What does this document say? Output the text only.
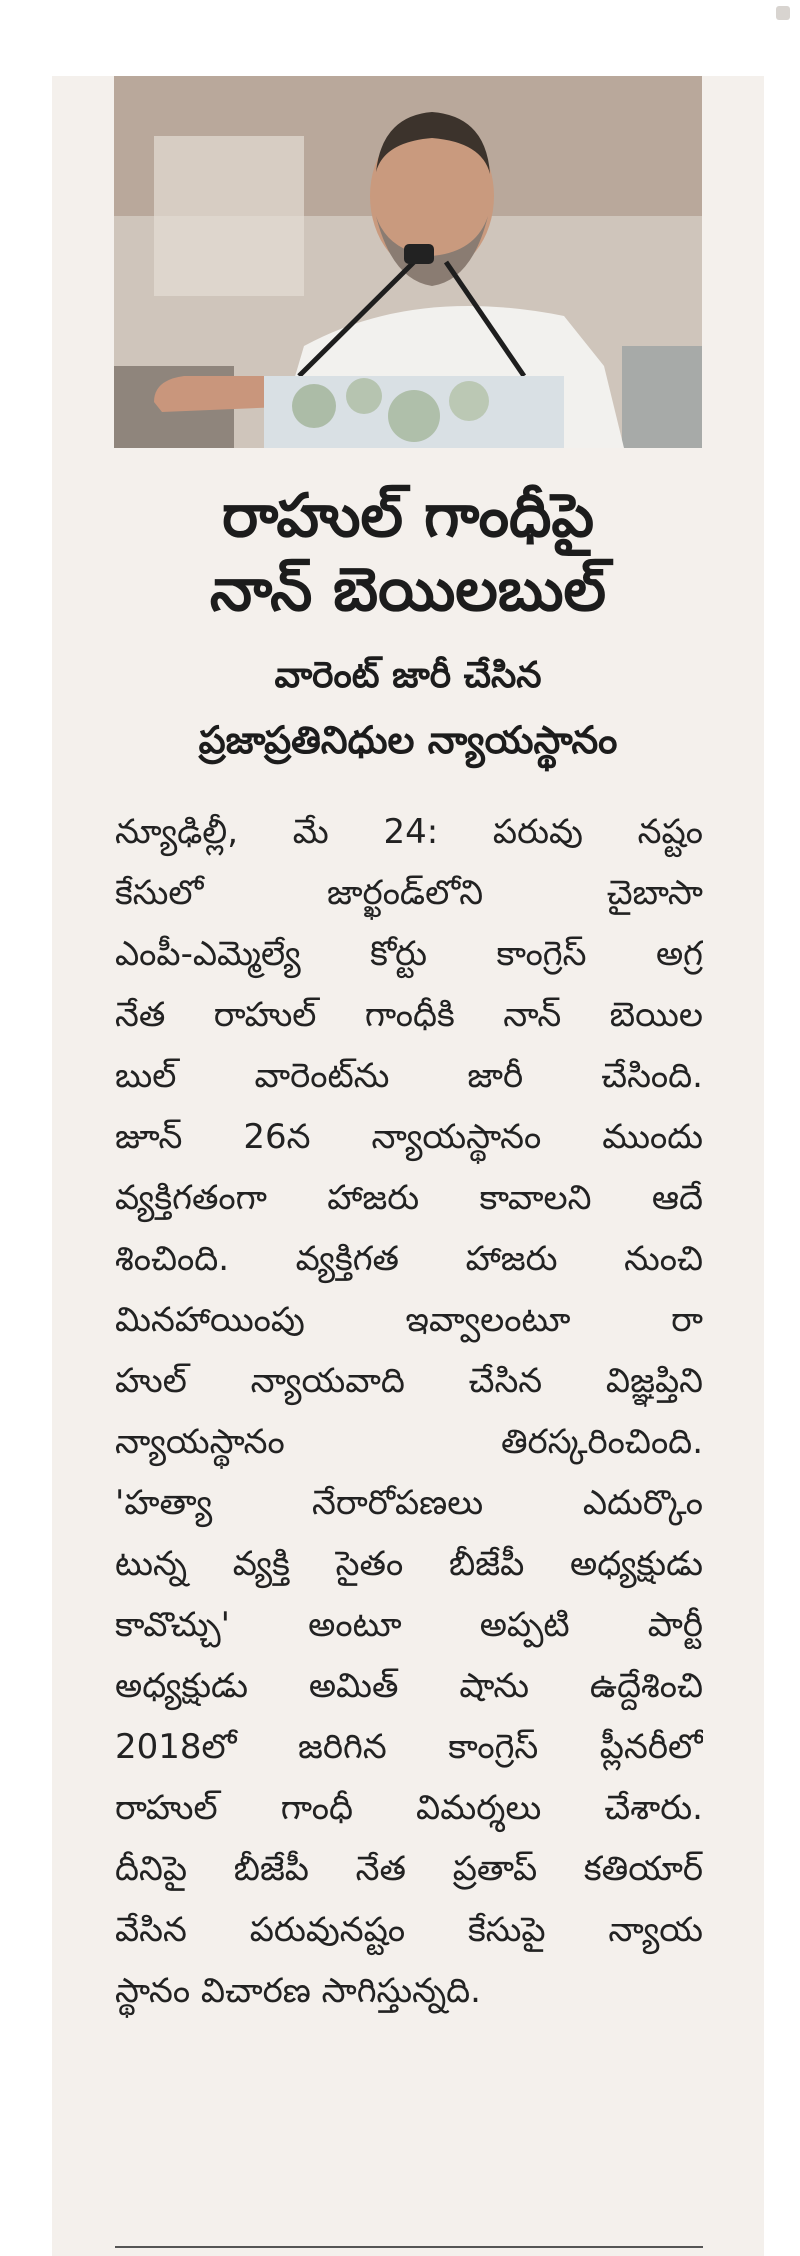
రాహుల్ గాంధీపై
నాన్ బెయిలబుల్
వారెంట్ జారీ చేసిన
ప్రజాప్రతినిధుల న్యాయస్థానం
న్యూఢిల్లీ, మే 24: పరువు నష్టం
కేసులో జార్ఖండ్‌లోని చైబాసా
ఎంపీ-ఎమ్మెల్యే కోర్టు కాంగ్రెస్ అగ్ర
నేత రాహుల్ గాంధీకి నాన్ బెయిల
బుల్ వారెంట్‌ను జారీ చేసింది.
జూన్ 26న న్యాయస్థానం ముందు
వ్యక్తిగతంగా హాజరు కావాలని ఆదే
శించింది. వ్యక్తిగత హాజరు నుంచి
మినహాయింపు ఇవ్వాలంటూ రా
హుల్ న్యాయవాది చేసిన విజ్ఞప్తిని
న్యాయస్థానం తిరస్కరించింది.
'హత్యా నేరారోపణలు ఎదుర్కొం
టున్న వ్యక్తి సైతం బీజేపీ అధ్యక్షుడు
కావొచ్చు' అంటూ అప్పటి పార్టీ
అధ్యక్షుడు అమిత్ షాను ఉద్దేశించి
2018లో జరిగిన కాంగ్రెస్ ప్లీనరీలో
రాహుల్ గాంధీ విమర్శలు చేశారు.
దీనిపై బీజేపీ నేత ప్రతాప్ కతియార్
వేసిన పరువునష్టం కేసుపై న్యాయ
స్థానం విచారణ సాగిస్తున్నది.
